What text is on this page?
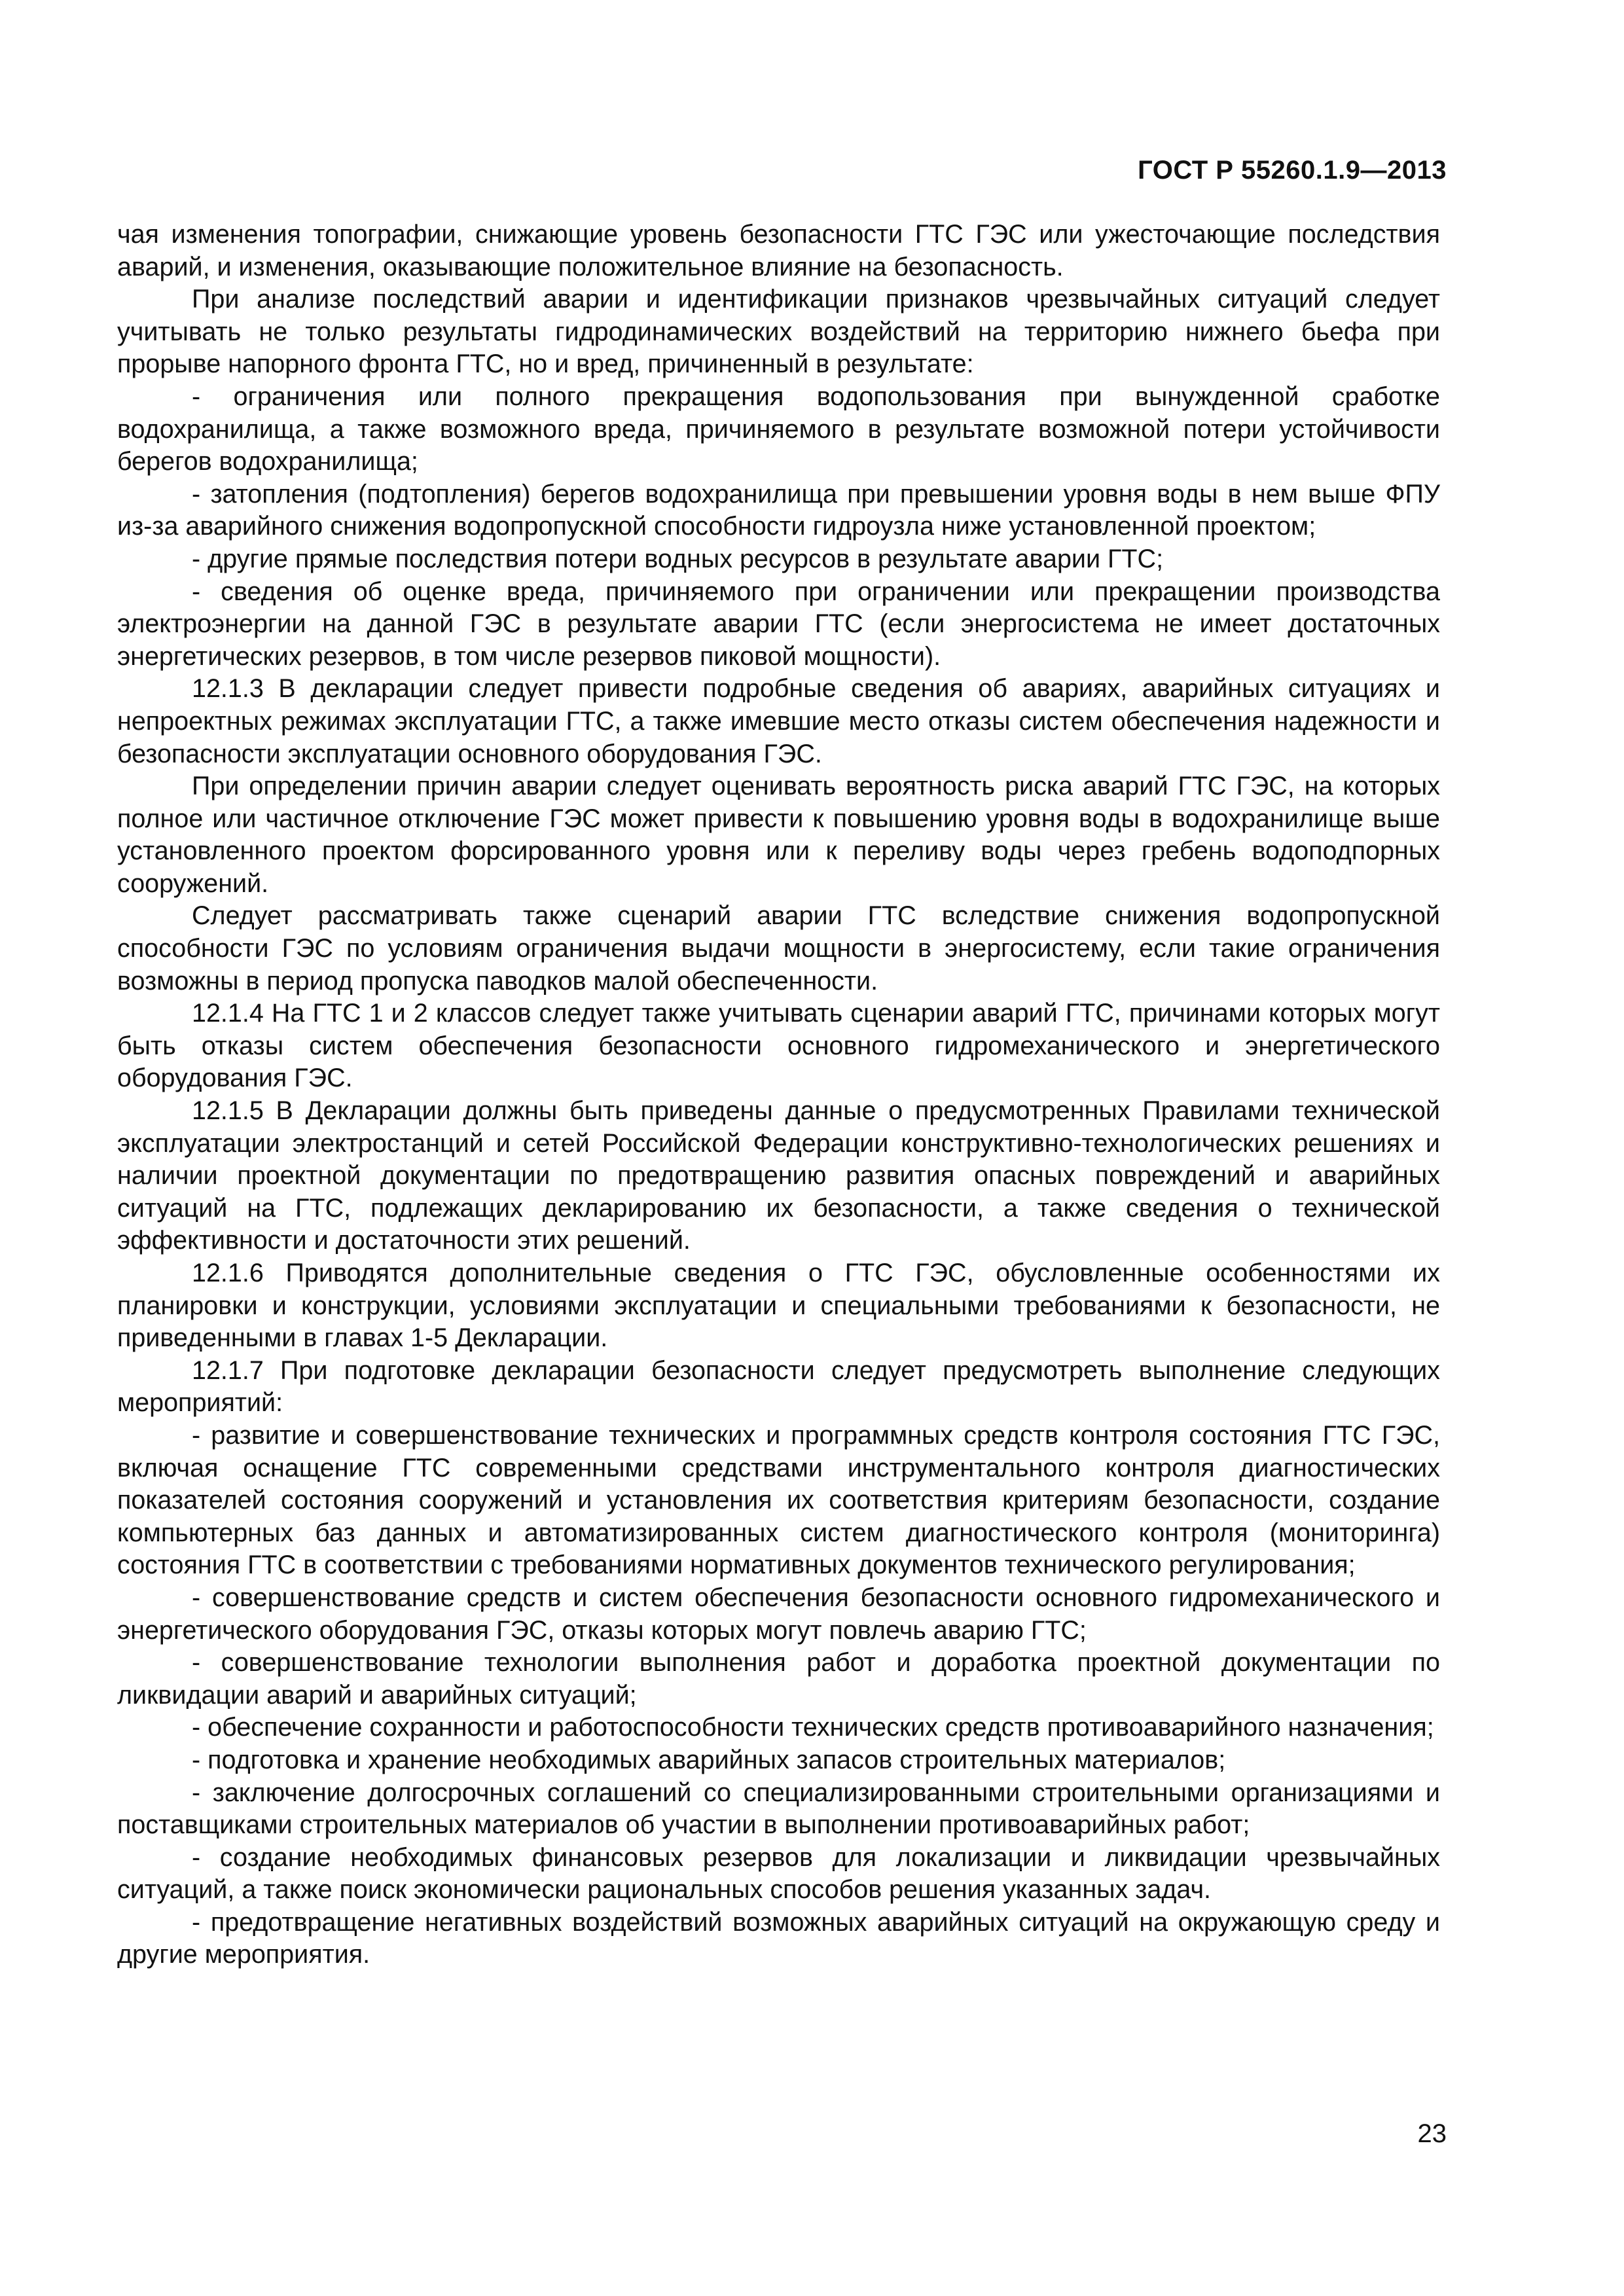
ГОСТ Р 55260.1.9—2013

чая изменения топографии, снижающие уровень безопасности ГТС ГЭС или ужесточающие последствия аварий, и изменения, оказывающие положительное влияние на безопасность.

При анализе последствий аварии и идентификации признаков чрезвычайных ситуаций следует учитывать не только результаты гидродинамических воздействий на территорию нижнего бьефа при прорыве напорного фронта ГТС, но и вред, причиненный в результате:

- ограничения или полного прекращения водопользования при вынужденной сработке водохранилища, а также возможного вреда, причиняемого в результате возможной потери устойчивости берегов водохранилища;

- затопления (подтопления) берегов водохранилища при превышении уровня воды в нем выше ФПУ из-за аварийного снижения водопропускной способности гидроузла ниже установленной проектом;

- другие прямые последствия потери водных ресурсов в результате аварии ГТС;

- сведения об оценке вреда, причиняемого при ограничении или прекращении производства электроэнергии на данной ГЭС в результате аварии ГТС (если энергосистема не имеет достаточных энергетических резервов, в том числе резервов пиковой мощности).

12.1.3 В декларации следует привести подробные сведения об авариях, аварийных ситуациях и непроектных режимах эксплуатации ГТС, а также имевшие место отказы систем обеспечения надежности и безопасности эксплуатации основного оборудования ГЭС.

При определении причин аварии следует оценивать вероятность риска аварий ГТС ГЭС, на которых полное или частичное отключение ГЭС может привести к повышению уровня воды в водохранилище выше установленного проектом форсированного уровня или к переливу воды через гребень водоподпорных сооружений.

Следует рассматривать также сценарий аварии ГТС вследствие снижения водопропускной способности ГЭС по условиям ограничения выдачи мощности в энергосистему, если такие ограничения возможны в период пропуска паводков малой обеспеченности.

12.1.4 На ГТС 1 и 2 классов следует также учитывать сценарии аварий ГТС, причинами которых могут быть отказы систем обеспечения безопасности основного гидромеханического и энергетического оборудования ГЭС.

12.1.5 В Декларации должны быть приведены данные о предусмотренных Правилами технической эксплуатации электростанций и сетей Российской Федерации конструктивно-технологических решениях и наличии проектной документации по предотвращению развития опасных повреждений и аварийных ситуаций на ГТС, подлежащих декларированию их безопасности, а также сведения о технической эффективности и достаточности этих решений.

12.1.6 Приводятся дополнительные сведения о ГТС ГЭС, обусловленные особенностями их планировки и конструкции, условиями эксплуатации и специальными требованиями к безопасности, не приведенными в главах 1-5 Декларации.

12.1.7 При подготовке декларации безопасности следует предусмотреть выполнение следующих мероприятий:

- развитие и совершенствование технических и программных средств контроля состояния ГТС ГЭС, включая оснащение ГТС современными средствами инструментального контроля диагностических показателей состояния сооружений и установления их соответствия критериям безопасности, создание компьютерных баз данных и автоматизированных систем диагностического контроля (мониторинга) состояния ГТС в соответствии с требованиями нормативных документов технического регулирования;

- совершенствование средств и систем обеспечения безопасности основного гидромеханического и энергетического оборудования ГЭС, отказы которых могут повлечь аварию ГТС;

- совершенствование технологии выполнения работ и доработка проектной документации по ликвидации аварий и аварийных ситуаций;

- обеспечение сохранности и работоспособности технических средств противоаварийного назначения;

- подготовка и хранение необходимых аварийных запасов строительных материалов;

- заключение долгосрочных соглашений со специализированными строительными организациями и поставщиками строительных материалов об участии в выполнении противоаварийных работ;

- создание необходимых финансовых резервов для локализации и ликвидации чрезвычайных ситуаций, а также поиск экономически рациональных способов решения указанных задач.

- предотвращение негативных воздействий возможных аварийных ситуаций на окружающую среду и другие мероприятия.

23
